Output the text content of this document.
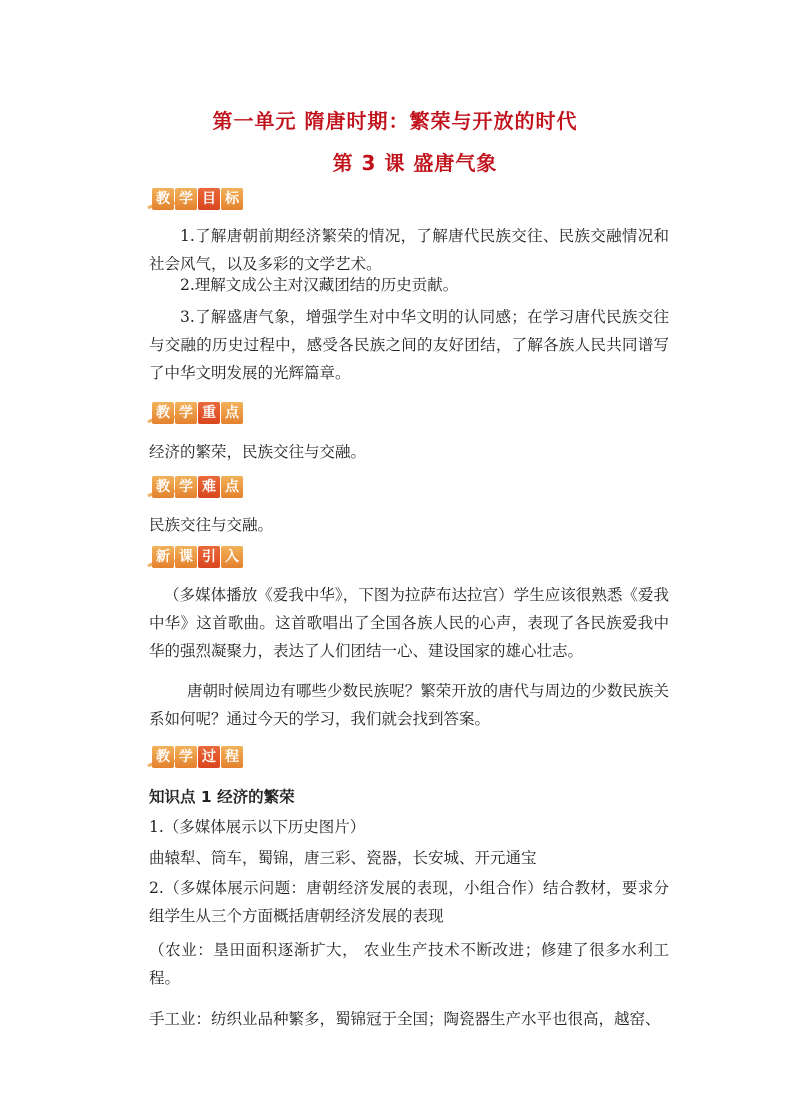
第一单元 隋唐时期：繁荣与开放的时代
第 3 课 盛唐气象
教 学 目 标
1.了解唐朝前期经济繁荣的情况，了解唐代民族交往、民族交融情况和社会风气，以及多彩的文学艺术。
2.理解文成公主对汉藏团结的历史贡献。
3.了解盛唐气象，增强学生对中华文明的认同感；在学习唐代民族交往与交融的历史过程中，感受各民族之间的友好团结，了解各族人民共同谱写了中华文明发展的光辉篇章。
教 学 重 点
经济的繁荣，民族交往与交融。
教 学 难 点
民族交往与交融。
新 课 引 入
（多媒体播放《爱我中华》，下图为拉萨布达拉宫）学生应该很熟悉《爱我中华》这首歌曲。这首歌唱出了全国各族人民的心声，表现了各民族爱我中华的强烈凝聚力，表达了人们团结一心、建设国家的雄心壮志。
唐朝时候周边有哪些少数民族呢？繁荣开放的唐代与周边的少数民族关系如何呢？通过今天的学习，我们就会找到答案。
教 学 过 程
知识点 1 经济的繁荣
1.（多媒体展示以下历史图片）
曲辕犁、筒车，蜀锦，唐三彩、瓷器，长安城、开元通宝
2.（多媒体展示问题：唐朝经济发展的表现，小组合作）结合教材，要求分组学生从三个方面概括唐朝经济发展的表现
（农业：垦田面积逐渐扩大， 农业生产技术不断改进；修建了很多水利工程。
手工业：纺织业品种繁多，蜀锦冠于全国；陶瓷器生产水平也很高，越窑、
